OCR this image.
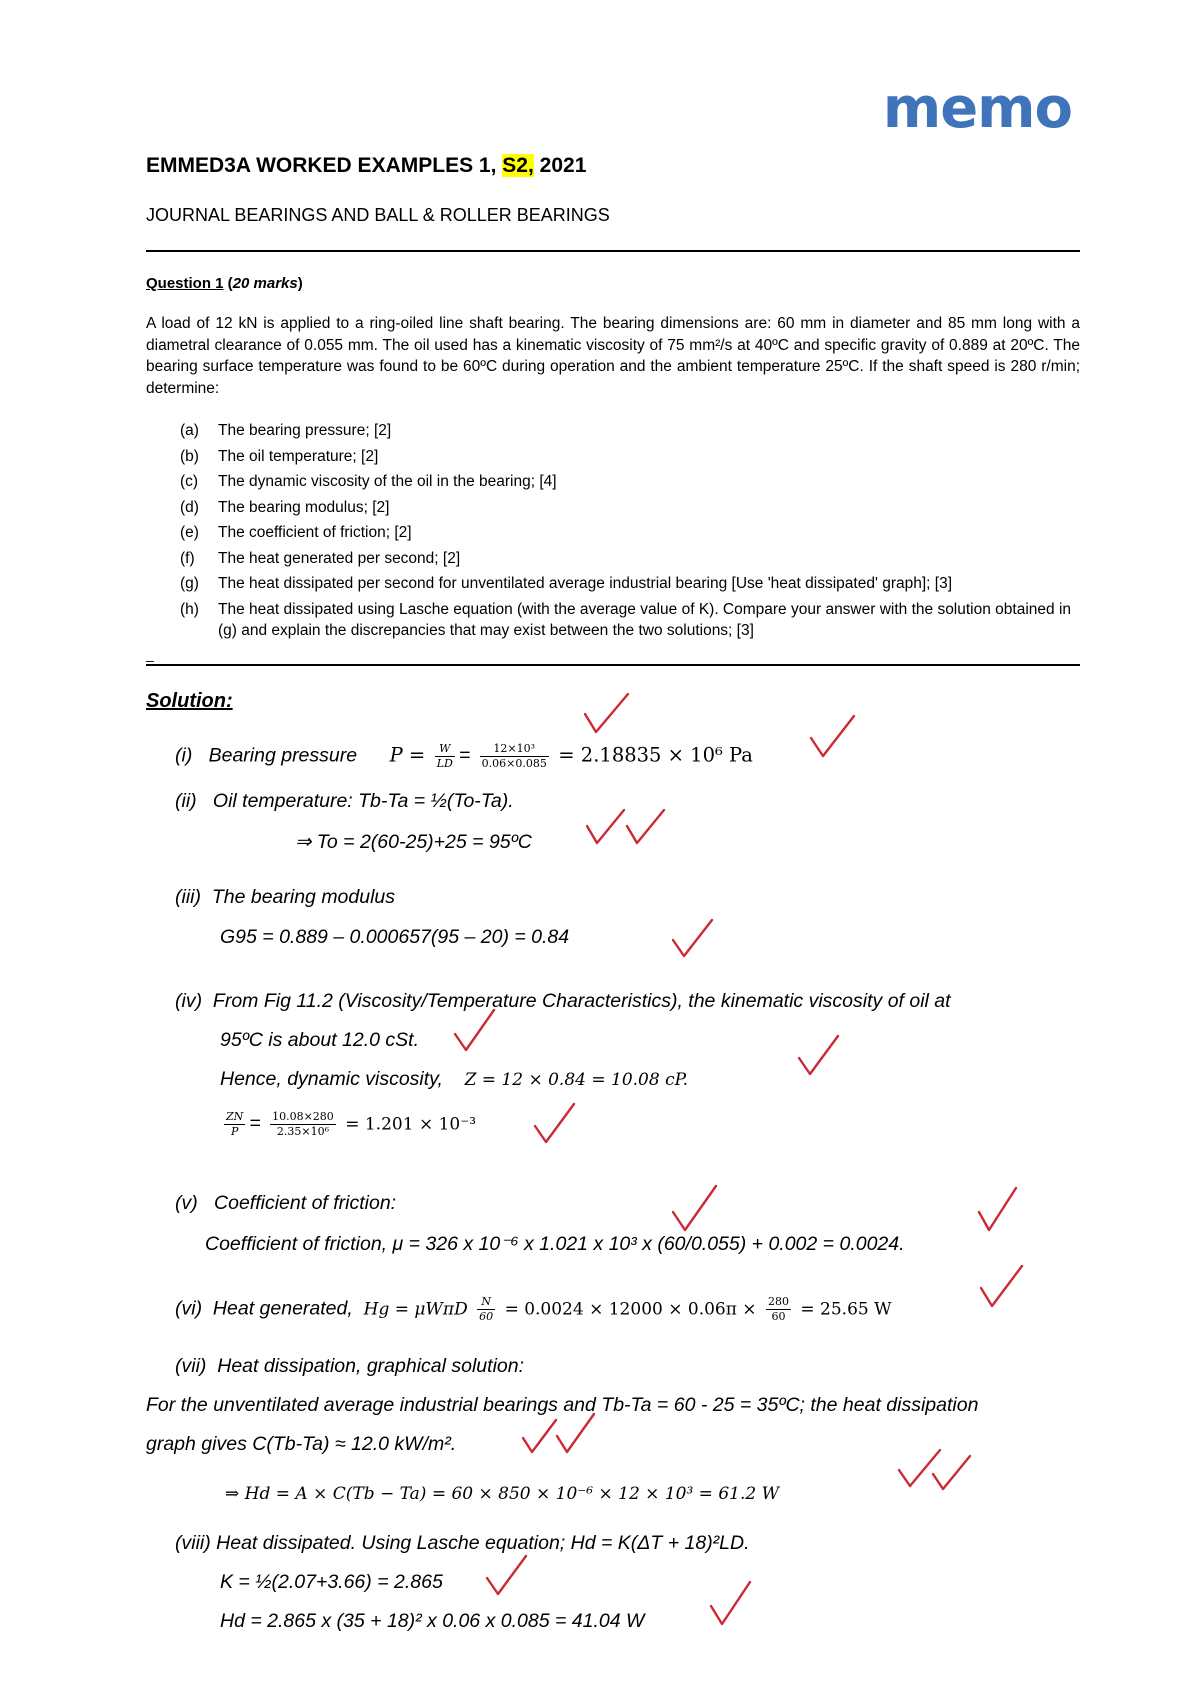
memo
EMMED3A WORKED EXAMPLES 1, S2, 2021
JOURNAL BEARINGS AND BALL & ROLLER BEARINGS
Question 1 (20 marks)
A load of 12 kN is applied to a ring-oiled line shaft bearing. The bearing dimensions are: 60 mm in diameter and 85 mm long with a diametral clearance of 0.055 mm. The oil used has a kinematic viscosity of 75 mm²/s at 40ºC and specific gravity of 0.889 at 20ºC. The bearing surface temperature was found to be 60ºC during operation and the ambient temperature 25ºC. If the shaft speed is 280 r/min; determine:
(a)	The bearing pressure; [2]
(b)	The oil temperature; [2]
(c)	The dynamic viscosity of the oil in the bearing; [4]
(d)	The bearing modulus; [2]
(e)	The coefficient of friction; [2]
(f)	The heat generated per second; [2]
(g)	The heat dissipated per second for unventilated average industrial bearing [Use 'heat dissipated' graph]; [3]
(h)	The heat dissipated using Lasche equation (with the average value of K). Compare your answer with the solution obtained in (g) and explain the discrepancies that may exist between the two solutions; [3]
_
Solution:
(i) Bearing pressure $P = \frac{W}{LD} = \frac{\text{12×10³}}{0.06\times 0.085} = 2.18835 \times 10^6$ Pa
(ii) Oil temperature: Tb-Ta = ½(To-Ta).
⇒ To = 2(60-25)+25 = 95ºC
(iii) The bearing modulus
G95 = 0.889 – 0.000657(95 – 20) = 0.84
(iv) From Fig 11.2 (Viscosity/Temperature Characteristics), the kinematic viscosity of oil at
95ºC is about 12.0 cSt.
Hence, dynamic viscosity, Z = 12 × 0.84 = 10.08 cP.
$\frac{ZN}{P} = \frac{10.08\times 280}{\text{2.35×10⁶}} = 1.201 \times 10^{-3}$
(v) Coefficient of friction:
Coefficient of friction, μ = 326 x 10⁻⁶ x 1.021 x 10³ x (60/0.055) + 0.002 = 0.0024.
(vi) Heat generated, Hg = μWπD $\frac{N}{60} = 0.0024 \times 12000 \times 0.06\pi \times \frac{280}{60} = 25.65$ W
(vii) Heat dissipation, graphical solution:
For the unventilated average industrial bearings and Tb-Ta = 60 - 25 = 35ºC; the heat dissipation
graph gives C(Tb-Ta) ≈ 12.0 kW/m².
⇒ Hd = A × C(Tb − Ta) = 60 × 850 × 10⁻⁶ × 12 × 10³ = 61.2 W
(viii) Heat dissipated. Using Lasche equation; Hd = K(ΔT + 18)²LD.
K = ½(2.07+3.66) = 2.865
Hd = 2.865 x (35 + 18)² x 0.06 x 0.085 = 41.04 W
